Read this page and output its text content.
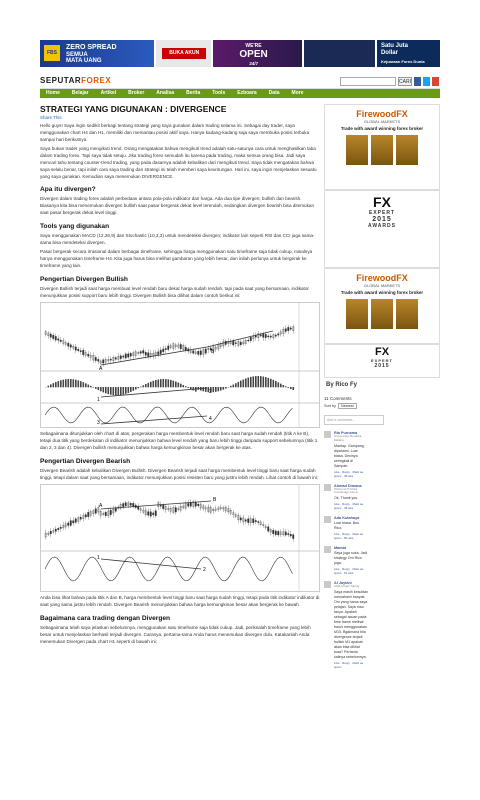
FBS
ZERO SPREAD
SEMUA
MATA UANG
BUKA AKUN
WE'RE
OPEN
24/7
Satu Juta
Dollar
Kejuaraan Forex Dunia
SEPUTARFOREX	CARI
Home	Belajar	Artikel	Broker	Analisa	Berita	Tools	Ezboara	Data	More
STRATEGI YANG DIGUNAKAN : DIVERGENCE
Share This

Hello guys! Saya ingin sedikit berbagi tentang strategi yang saya gunakan dalam trading selama ini. Sebagai day trader, saya menggunakan chart H4 dan H1, memiliki dan memantau posisi aktif saya. Hanya kadang-kadang saja saya membuka posisi terbuka sampai hari berikutnya.

Saya bukan trader yang mengikuti trend. Orang mengatakan bahwa mengikuti trend adalah satu-satunya cara untuk menghasilkan laba dalam trading forex. Tapi saya tidak setuju. Jika trading forex semudah itu karena pada trading, maka semua orang bisa. Jadi saya mencari tahu tentang counter-trend trading, yang pada dasarnya adalah kebalikan dari mengikuti trend. Saya tidak mengatakan bahwa saya selalu benar, tapi inilah cara saya trading dan strategi ini telah memberi saya keuntungan. Hari ini, saya ingin menjelaskan sesuatu yang saya gunakan. Kemudian saya menemukan DIVERGENCE.

Apa itu divergen?

Divergen dalam trading forex adalah perbedaan antara pola-pola indikator dan harga. Ada dua tipe divergen; bullish dan bearish. Biasanya kita bisa menemukan divergen bullish saat pasar bergerak dekat level terendah, sedangkan divergen bearish bisa ditemukan saat pasar bergerak dekat level tinggi.

Tools yang digunakan

Saya menggunakan MACD (12,26,9) dan Stochastic (10,3,3) untuk mendeteksi divergen; indikator lain seperti RSI dan CCI juga sama-sama bisa mendeteksi divergen.

Pasar bergerak secara irrasional dalam berbagai timeframe, sehingga harga menggunakan satu timeframe saja tidak cukup, misalnya hanya menggunakan timeframe H4. Kita juga harus bisa melihat gambaran yang lebih besar, dan inilah perlunya untuk bergerak ke timeframe yang lain.

Pengertian Divergen Bullish

Divergen Bullish terjadi saat harga membuat level rendah baru dekat harga sudah rendah, tapi pada saat yang bersamaan, indikator menunjukkan posisi support baru lebih tinggi. Divergen Bullish bisa dilihat dalam contoh berikut ini:

A
B
1
2
3
4

Sebagaimana ditunjukkan oleh chart di atas, pergerakan harga membentuk level rendah baru saat harga sudah rendah (titik A ke B), tetapi dua titik yang berdekatan di indikator menunjukkan bahwa level rendah yang baru lebih tinggi daripada support sebelumnya (titik 1 dan 2, 3 dan 4). Divergen bullish menunjukkan bahwa harga kemungkinan besar akan bergerak ke atas.

Pengertian Divergen Bearish

Divergen Bearish adalah kebalikan Divergen Bullish. Divergen Bearish terjadi saat harga membentuk level tinggi baru saat harga sudah tinggi, tetapi dalam saat yang bersamaan, indikator menunjukkan posisi resisten baru yang justru lebih rendah. Lihat contoh di bawah ini:

A
B
1
2

Anda bisa lihat bahwa pada titik A dan B, harga membentuk level tinggi baru saat harga sudah tinggi, tetapi pada titik indikator indikator di saat yang sama justru lebih rendah. Divergen Bearish menunjukkan bahwa harga kemungkinan besar akan bergerak ke bawah.

Bagaimana cara trading dengan Divergen

Sebagaimana telah saya jelaskan sebelumnya, menggunakan satu timeframe saja tidak cukup. Jadi, periksalah timeframe yang lebih besar untuk menjelaskan berhasil terjadi divergen. Caranya, pertama-tama Anda harus menemukan divergen dulu. Katakanlah Anda menemukan Divergen pada chart H1 seperti di bawah ini:

FirewoodFX
GLOBAL MARKETS
Trade with award winning forex broker
FX
EXPERT
2015
AWARDS
FirewoodFX
GLOBAL MARKETS
Trade with award winning forex broker
FX
EXPERT
2015
By Rico Fy
11 Comments
Sort by	Newest
Add a comment...
Ria Purnama
Universitas Merdeka Malang
Mantap. Gampang dipahami, Luar biasa. Devinya seringkali di Sampah.
Like · Reply · Mark as spam · 45 wks
Ahmad Dimana
Works at Pt Mulia Knowledge Karya
Ok. Thank you.
Like · Reply · Mark as spam · 35 wks
Ada Kutahaya
Luar biasa. Bos Rico.
Like · Reply · Mark as spam · 50 wks
Mamat
Saya juga suka. Jadi strategy Om Rico juga.
Like · Reply · Mark as spam · 51 wks
Al Jaylani
SMA Negeri Sijung
Saya masih kesulitan memahami banyak. Om yang harus saya pelajari. Saya mau tanya. Apakah sebagai acuan pada time frame melihat harus menggunakan M15. Bgaimana bila divergence terjadi bullish M1 apakah akan bisa dilihat tuaa? Pertama kalinya sebelumnya.
Like · Reply · Mark as spam
